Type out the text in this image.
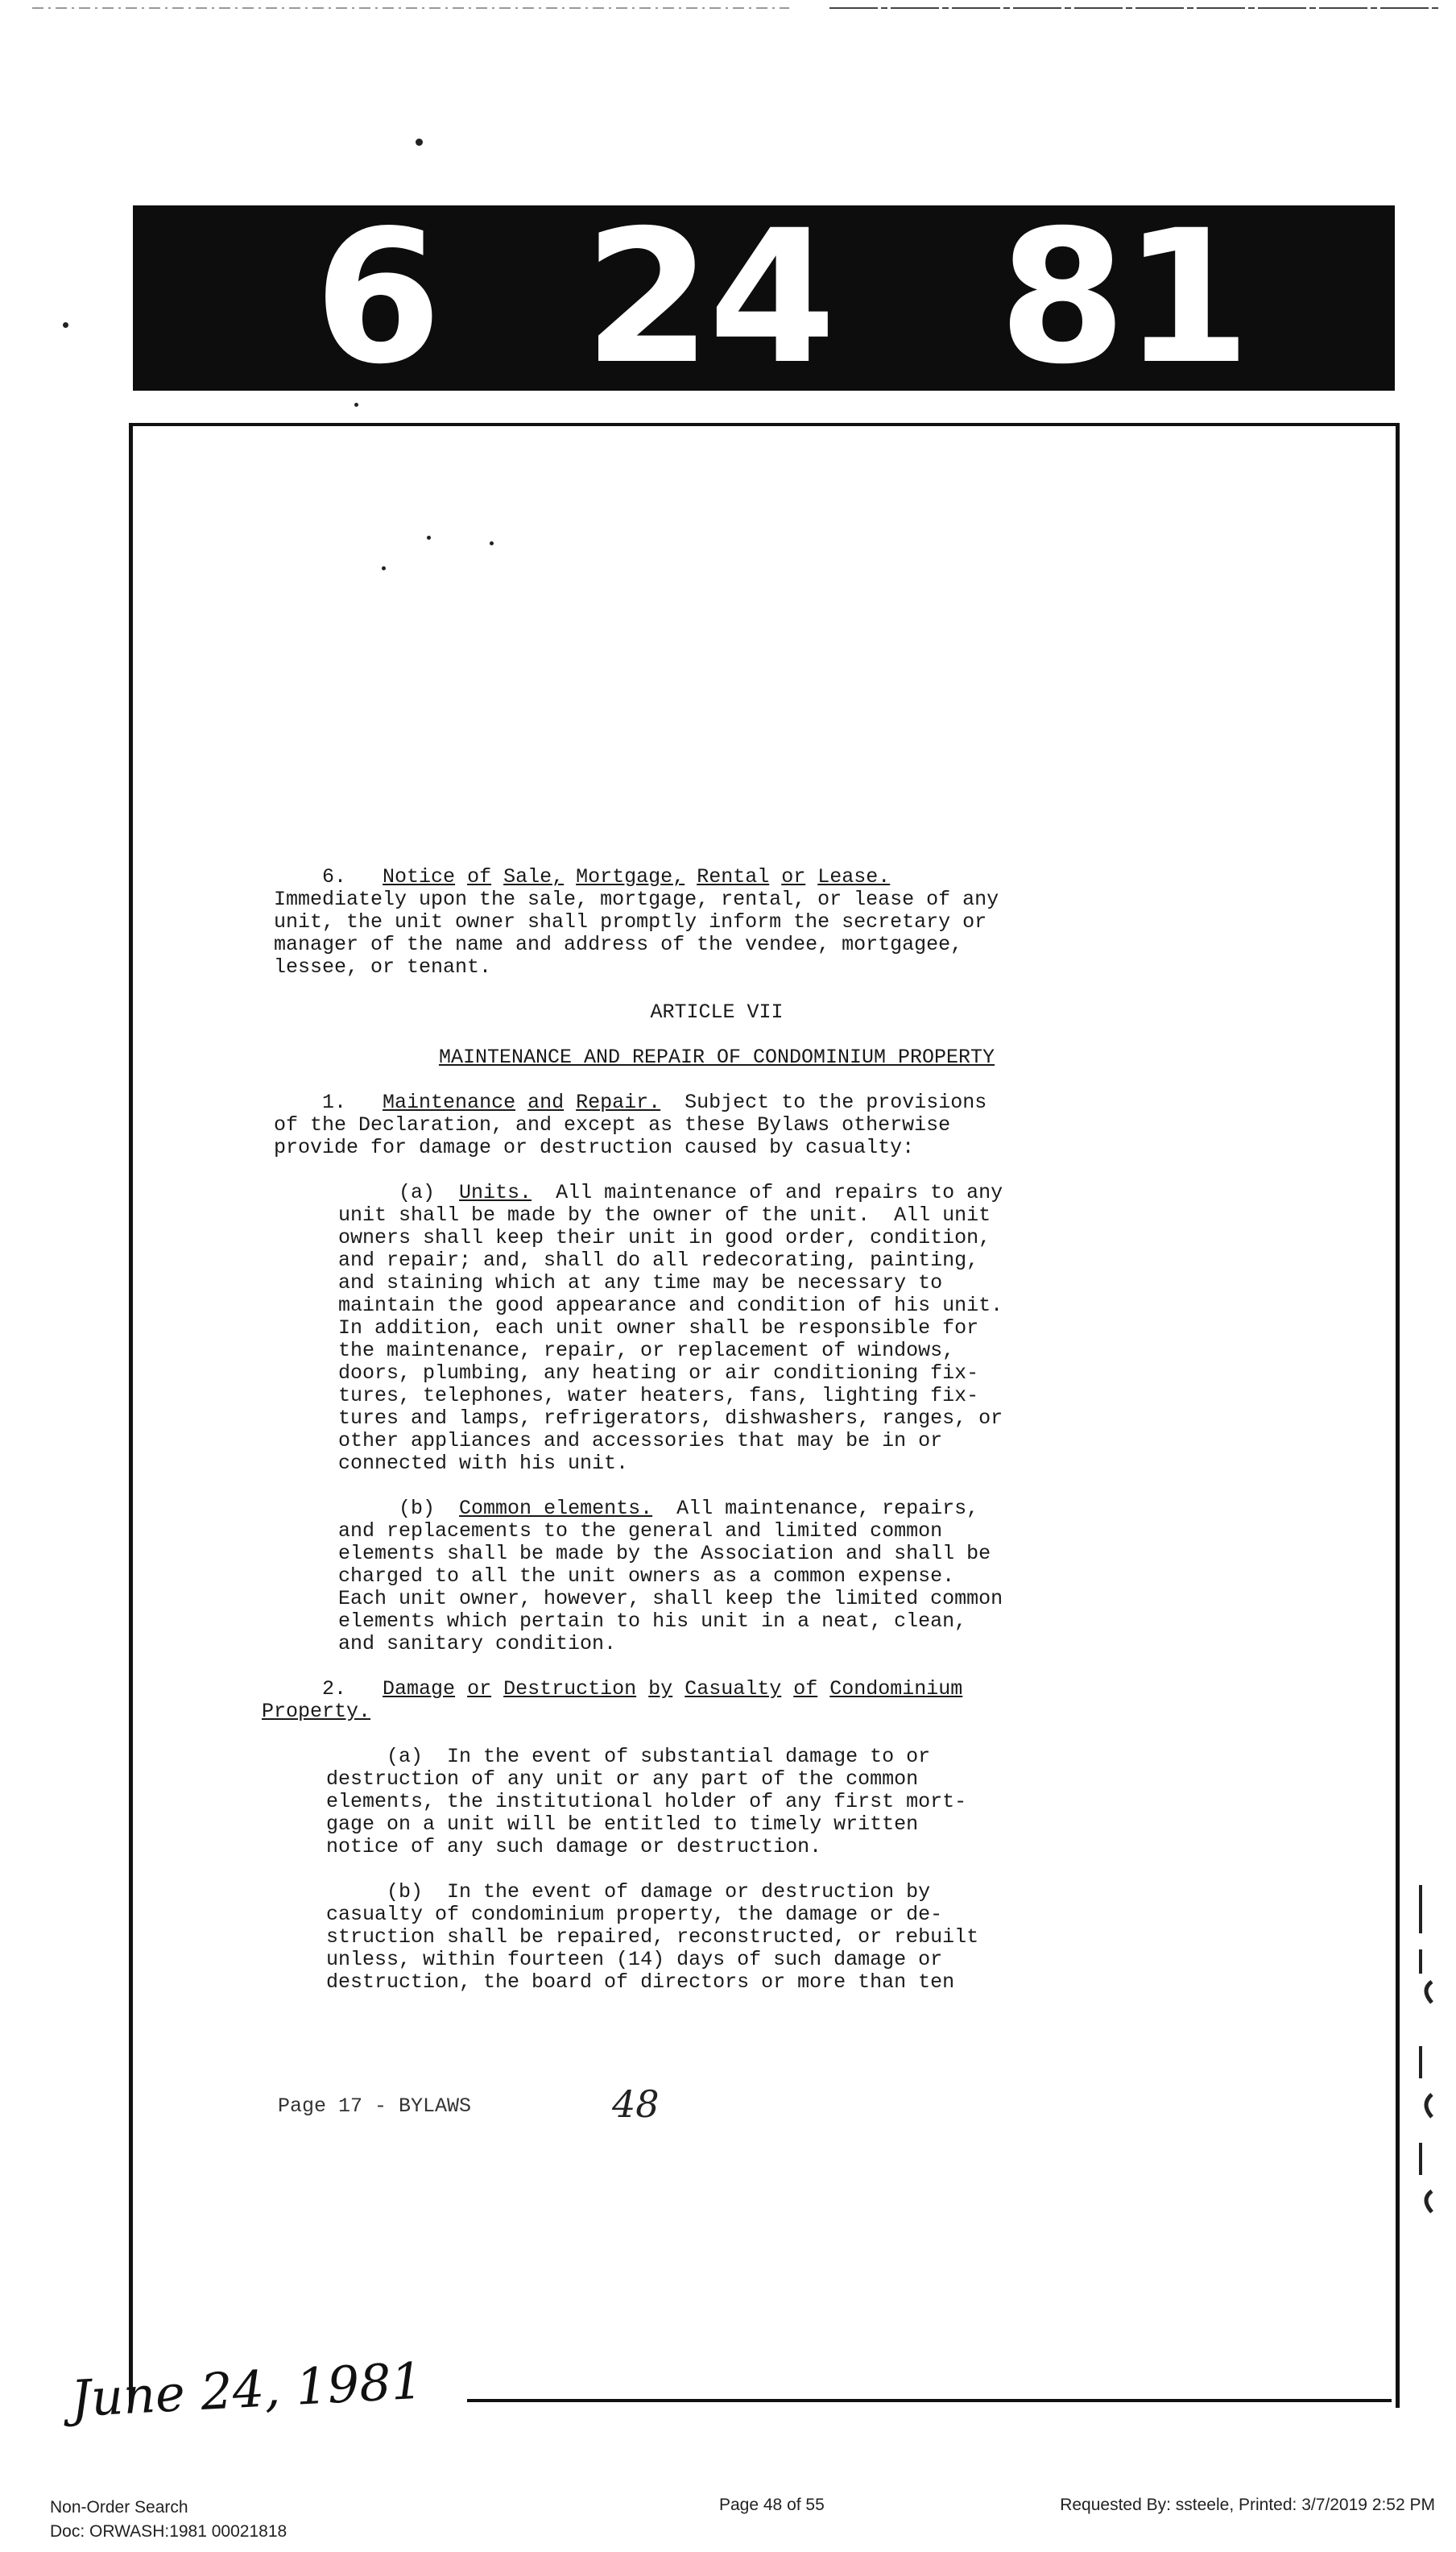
6 24 81

6. Notice of Sale, Mortgage, Rental or Lease.

Immediately upon the sale, mortgage, rental, or lease of any

unit, the unit owner shall promptly inform the secretary or

manager of the name and address of the vendee, mortgagee,

lessee, or tenant.

ARTICLE VII

MAINTENANCE AND REPAIR OF CONDOMINIUM PROPERTY

1. Maintenance and Repair. Subject to the provisions

of the Declaration, and except as these Bylaws otherwise

provide for damage or destruction caused by casualty:

(a) Units. All maintenance of and repairs to any

unit shall be made by the owner of the unit.  All unit

owners shall keep their unit in good order, condition,

and repair; and, shall do all redecorating, painting,

and staining which at any time may be necessary to

maintain the good appearance and condition of his unit.

In addition, each unit owner shall be responsible for

the maintenance, repair, or replacement of windows,

doors, plumbing, any heating or air conditioning fix-

tures, telephones, water heaters, fans, lighting fix-

tures and lamps, refrigerators, dishwashers, ranges, or

other appliances and accessories that may be in or

connected with his unit.

(b) Common elements. All maintenance, repairs,

and replacements to the general and limited common

elements shall be made by the Association and shall be

charged to all the unit owners as a common expense.

Each unit owner, however, shall keep the limited common

elements which pertain to his unit in a neat, clean,

and sanitary condition.

2. Damage or Destruction by Casualty of Condominium

Property.

(a) In the event of substantial damage to or

destruction of any unit or any part of the common

elements, the institutional holder of any first mort-

gage on a unit will be entitled to timely written

notice of any such damage or destruction.

(b) In the event of damage or destruction by

casualty of condominium property, the damage or de-

struction shall be repaired, reconstructed, or rebuilt

unless, within fourteen (14) days of such damage or

destruction, the board of directors or more than ten

Page 17 - BYLAWS	48
June 24, 1981
Non-Order Search
Doc: ORWASH:1981 00021818
Page 48 of 55	Requested By: ssteele, Printed: 3/7/2019 2:52 PM
